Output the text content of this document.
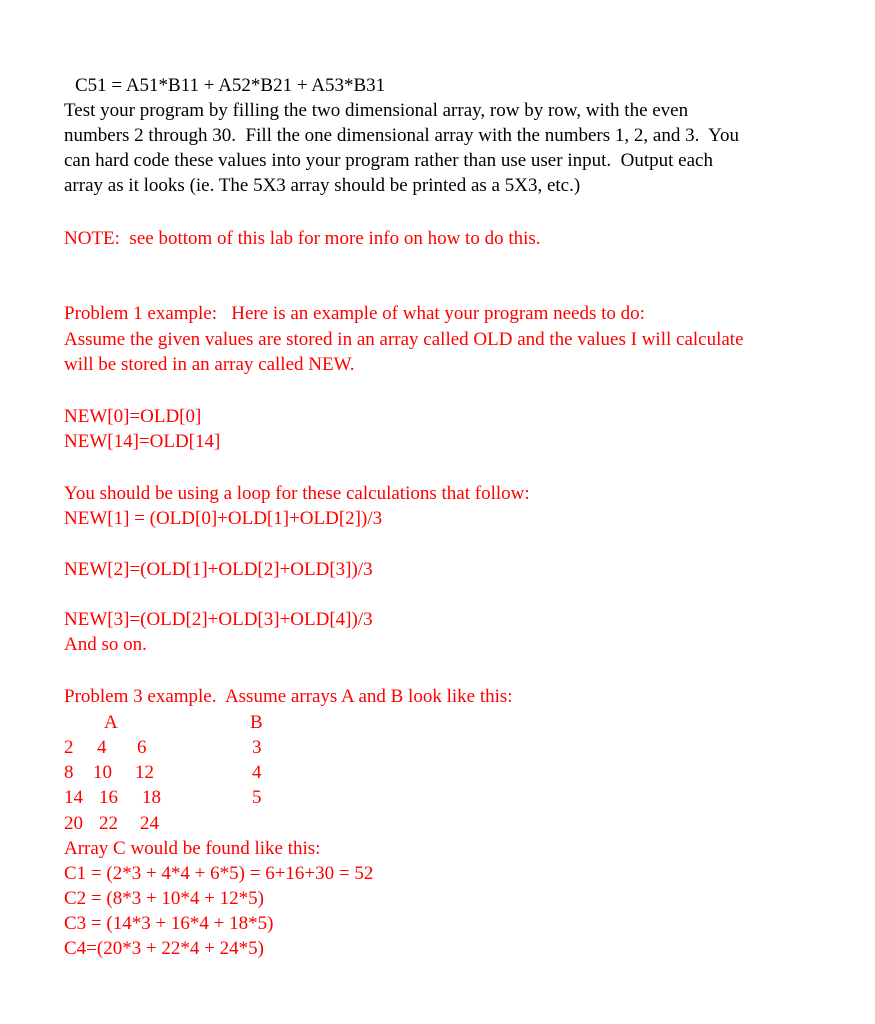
C51 = A51*B11 + A52*B21 + A53*B31
Test your program by filling the two dimensional array, row by row, with the even
numbers 2 through 30.  Fill the one dimensional array with the numbers 1, 2, and 3.  You
can hard code these values into your program rather than use user input.  Output each
array as it looks (ie. The 5X3 array should be printed as a 5X3, etc.)
NOTE:  see bottom of this lab for more info on how to do this.
Problem 1 example:   Here is an example of what your program needs to do:
Assume the given values are stored in an array called OLD and the values I will calculate
will be stored in an array called NEW.
NEW[0]=OLD[0]
NEW[14]=OLD[14]
You should be using a loop for these calculations that follow:
NEW[1] = (OLD[0]+OLD[1]+OLD[2])/3
NEW[2]=(OLD[1]+OLD[2]+OLD[3])/3
NEW[3]=(OLD[2]+OLD[3]+OLD[4])/3
And so on.
Problem 3 example.  Assume arrays A and B look like this:
A	B
2 4 6	3
8 10 12	4
14 16 18	5
20 22 24
Array C would be found like this:
C1 = (2*3 + 4*4 + 6*5) = 6+16+30 = 52
C2 = (8*3 + 10*4 + 12*5)
C3 = (14*3 + 16*4 + 18*5)
C4=(20*3 + 22*4 + 24*5)
